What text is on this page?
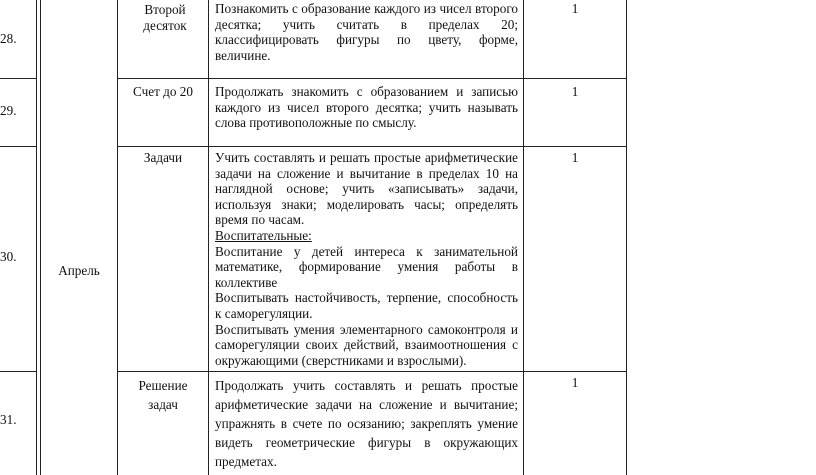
Апрель
28.
Второй десяток
Познакомить с образование каждого из чисел второго десятка; учить считать в пределах 20; классифицировать фигуры по цвету, форме, величине.
1
29.
Счет до 20	Продолжать знакомить с образованием и записью каждого из чисел второго десятка; учить называть слова противоположные по смыслу.
1
30.
Задачи	Учить составлять и решать простые арифметические задачи на сложение и вычитание в пределах 10 на наглядной основе; учить «записывать» задачи, используя знаки; моделировать часы; определять время по часам.
Воспитательные:
Воспитание у детей интереса к занимательной математике, формирование умения работы в коллективе
Воспитывать настойчивость, терпение, способность к саморегуляции.
Воспитывать умения элементарного самоконтроля и саморегуляции своих действий, взаимоотношения с окружающими (сверстниками и взрослыми).
1
31.
Решение задач
Продолжать учить составлять и решать простые арифметические задачи на сложение и вычитание; упражнять в счете по осязанию; закреплять умение видеть геометрические фигуры в окружающих предметах.
1
